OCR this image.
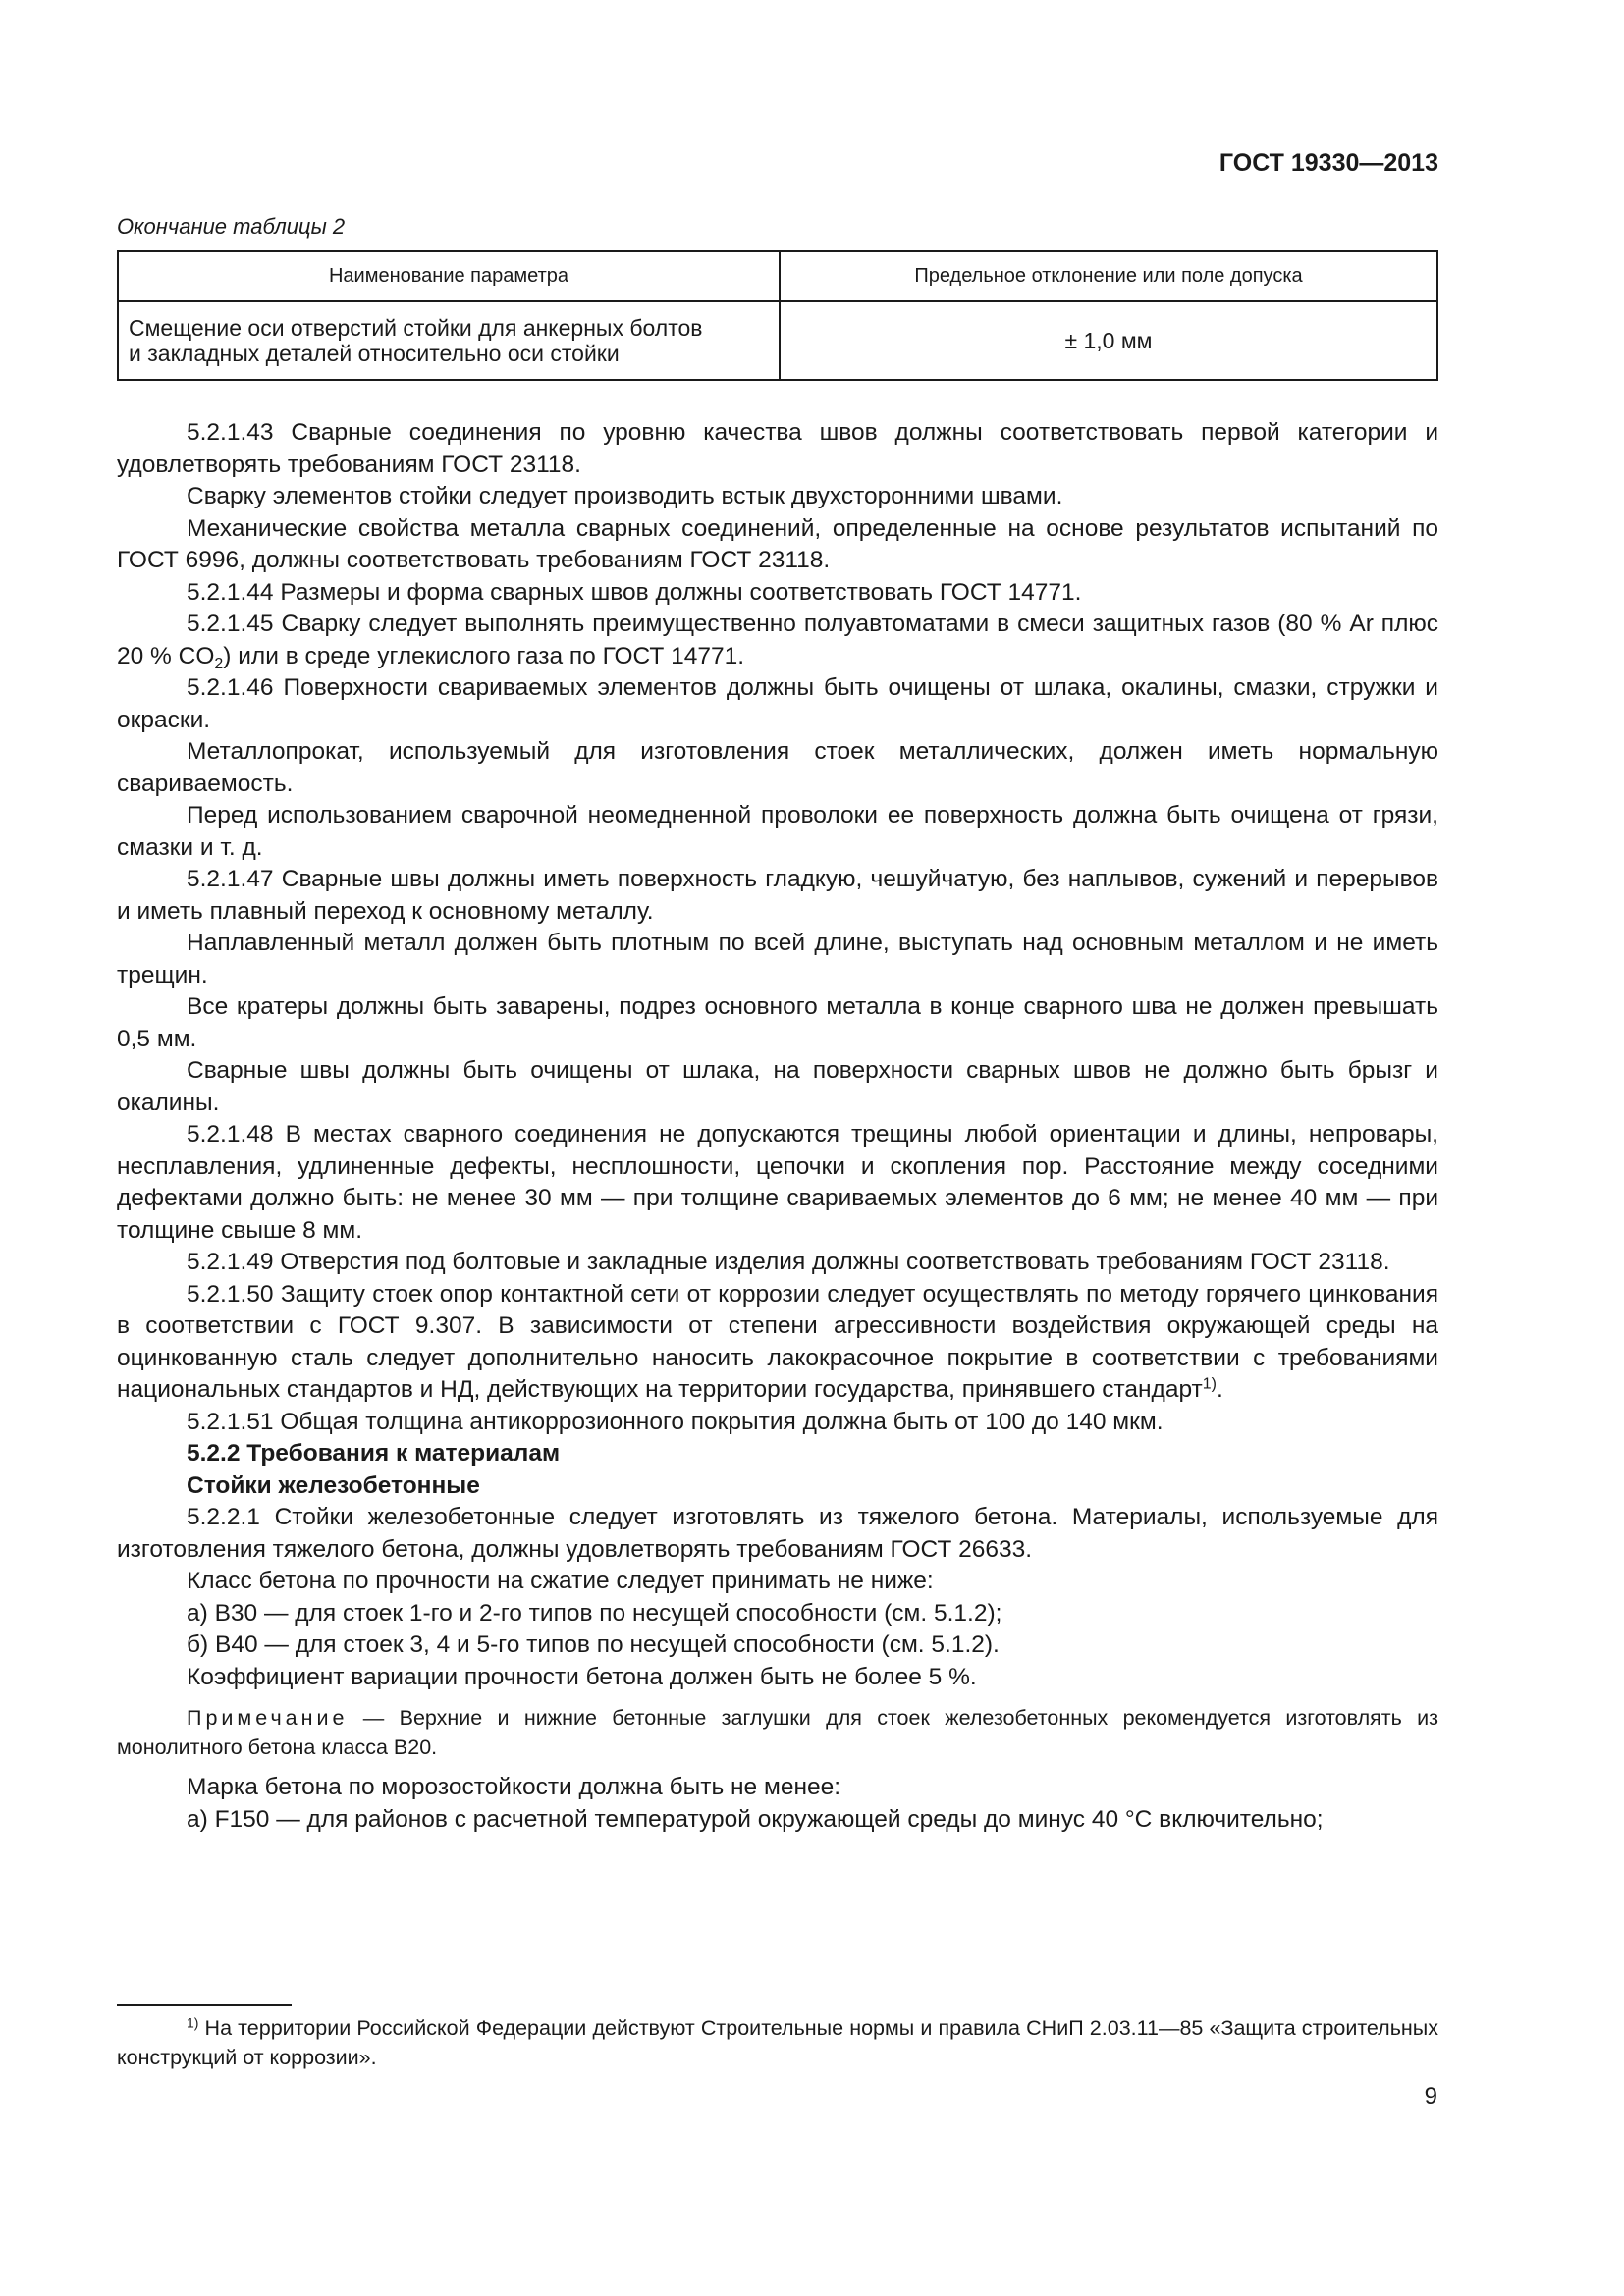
ГОСТ 19330—2013
Окончание таблицы 2
Наименование параметра	Предельное отклонение или поле допуска
Смещение оси отверстий стойки для анкерных болтов
и закладных деталей относительно оси стойки	± 1,0 мм

5.2.1.43 Сварные соединения по уровню качества швов должны соответствовать первой категории и удовлетворять требованиям ГОСТ 23118.

Сварку элементов стойки следует производить встык двухсторонними швами.

Механические свойства металла сварных соединений, определенные на основе результатов испытаний по ГОСТ 6996, должны соответствовать требованиям ГОСТ 23118.

5.2.1.44 Размеры и форма сварных швов должны соответствовать ГОСТ 14771.

5.2.1.45 Сварку следует выполнять преимущественно полуавтоматами в смеси защитных газов (80 % Ar плюс 20 % $CO_2$) или в среде углекислого газа по ГОСТ 14771.

5.2.1.46 Поверхности свариваемых элементов должны быть очищены от шлака, окалины, смазки, стружки и окраски.

Металлопрокат, используемый для изготовления стоек металлических, должен иметь нормальную свариваемость.

Перед использованием сварочной неомедненной проволоки ее поверхность должна быть очищена от грязи, смазки и т. д.

5.2.1.47 Сварные швы должны иметь поверхность гладкую, чешуйчатую, без наплывов, сужений и перерывов и иметь плавный переход к основному металлу.

Наплавленный металл должен быть плотным по всей длине, выступать над основным металлом и не иметь трещин.

Все кратеры должны быть заварены, подрез основного металла в конце сварного шва не должен превышать 0,5 мм.

Сварные швы должны быть очищены от шлака, на поверхности сварных швов не должно быть брызг и окалины.

5.2.1.48 В местах сварного соединения не допускаются трещины любой ориентации и длины, непровары, несплавления, удлиненные дефекты, несплошности, цепочки и скопления пор. Расстояние между соседними дефектами должно быть: не менее 30 мм — при толщине свариваемых элементов до 6 мм; не менее 40 мм — при толщине свыше 8 мм.

5.2.1.49 Отверстия под болтовые и закладные изделия должны соответствовать требованиям ГОСТ 23118.

5.2.1.50 Защиту стоек опор контактной сети от коррозии следует осуществлять по методу горячего цинкования в соответствии с ГОСТ 9.307. В зависимости от степени агрессивности воздействия окружающей среды на оцинкованную сталь следует дополнительно наносить лакокрасочное покрытие в соответствии с требованиями национальных стандартов и НД, действующих на территории государства, принявшего стандарт$^{1)}$.

5.2.1.51 Общая толщина антикоррозионного покрытия должна быть от 100 до 140 мкм.

5.2.2 Требования к материалам

Стойки железобетонные

5.2.2.1 Стойки железобетонные следует изготовлять из тяжелого бетона. Материалы, используемые для изготовления тяжелого бетона, должны удовлетворять требованиям ГОСТ 26633.

Класс бетона по прочности на сжатие следует принимать не ниже:

а) B30 — для стоек 1-го и 2-го типов по несущей способности (см. 5.1.2);

б) B40 — для стоек 3, 4 и 5-го типов по несущей способности (см. 5.1.2).

Коэффициент вариации прочности бетона должен быть не более 5 %.

Примечание — Верхние и нижние бетонные заглушки для стоек железобетонных рекомендуется изготовлять из монолитного бетона класса B20.

Марка бетона по морозостойкости должна быть не менее:

а) F150 — для районов с расчетной температурой окружающей среды до минус 40 °С включительно;

$^{1)}$ На территории Российской Федерации действуют Строительные нормы и правила СНиП 2.03.11—85 «Защита строительных конструкций от коррозии».

9
